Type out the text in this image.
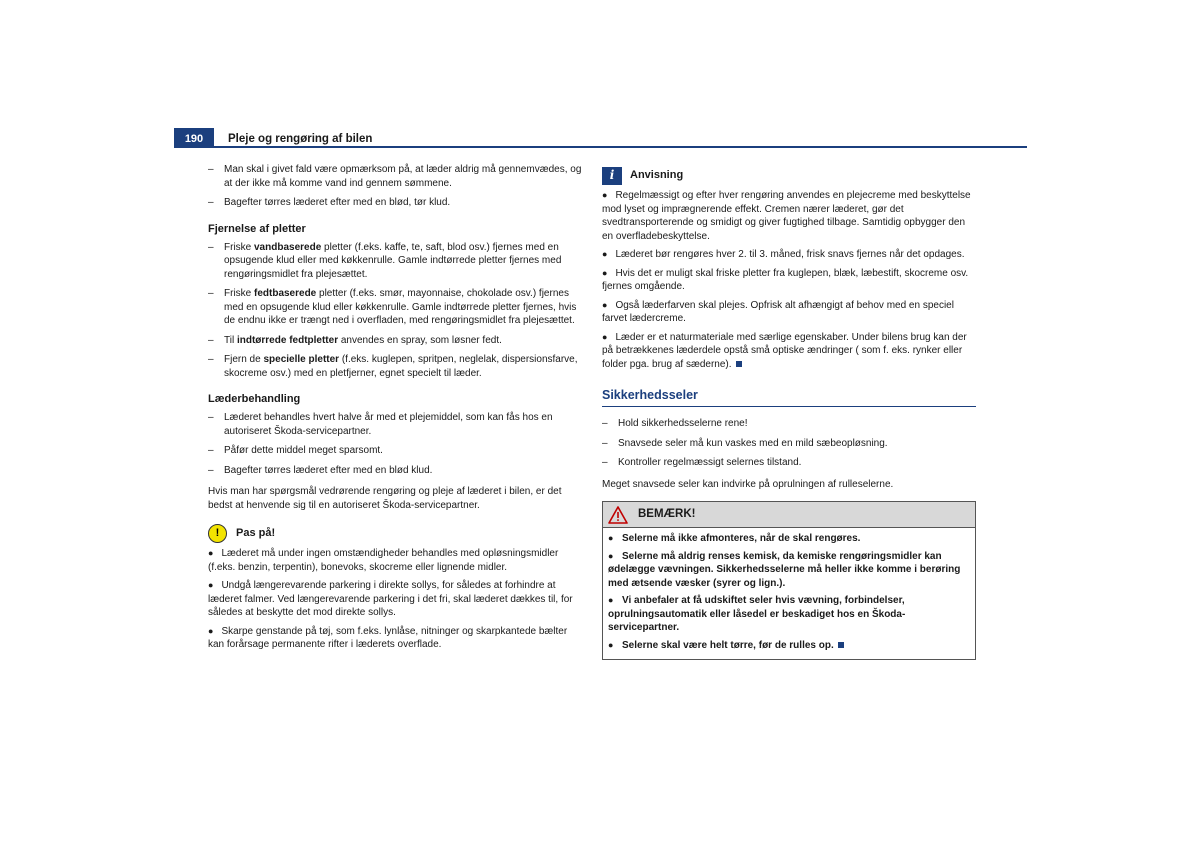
190	Pleje og rengøring af bilen
– Man skal i givet fald være opmærksom på, at læder aldrig må gennemvædes, og at der ikke må komme vand ind gennem sømmene.
– Bagefter tørres læderet efter med en blød, tør klud.
Fjernelse af pletter
– Friske vandbaserede pletter (f.eks. kaffe, te, saft, blod osv.) fjernes med en opsugende klud eller med køkkenrulle. Gamle indtørrede pletter fjernes med rengøringsmidlet fra plejesættet.
– Friske fedtbaserede pletter (f.eks. smør, mayonnaise, chokolade osv.) fjernes med en opsugende klud eller køkkenrulle. Gamle indtørrede pletter fjernes, hvis de endnu ikke er trængt ned i overfladen, med rengøringsmidlet fra plejesættet.
– Til indtørrede fedtpletter anvendes en spray, som løsner fedt.
– Fjern de specielle pletter (f.eks. kuglepen, spritpen, neglelak, dispersionsfarve, skocreme osv.) med en pletfjerner, egnet specielt til læder.
Læderbehandling
– Læderet behandles hvert halve år med et plejemiddel, som kan fås hos en autoriseret Škoda-servicepartner.
– Påfør dette middel meget sparsomt.
– Bagefter tørres læderet efter med en blød klud.

Hvis man har spørgsmål vedrørende rengøring og pleje af læderet i bilen, er det bedst at henvende sig til en autoriseret Škoda-servicepartner.

!	Pas på!
● Læderet må under ingen omstændigheder behandles med opløsningsmidler (f.eks. benzin, terpentin), bonevoks, skocreme eller lignende midler.
● Undgå længerevarende parkering i direkte sollys, for således at forhindre at læderet falmer. Ved længerevarende parkering i det fri, skal læderet dækkes til, for således at beskytte det mod direkte sollys.
● Skarpe genstande på tøj, som f.eks. lynlåse, nitninger og skarpkantede bælter kan forårsage permanente rifter i læderets overflade.
i	Anvisning
● Regelmæssigt og efter hver rengøring anvendes en plejecreme med beskyttelse mod lyset og imprægnerende effekt. Cremen nærer læderet, gør det svedtransporterende og smidigt og giver fugtighed tilbage. Samtidig opbygger den en overfladebeskyttelse.
● Læderet bør rengøres hver 2. til 3. måned, frisk snavs fjernes når det opdages.
● Hvis det er muligt skal friske pletter fra kuglepen, blæk, læbestift, skocreme osv. fjernes omgående.
● Også læderfarven skal plejes. Opfrisk alt afhængigt af behov med en speciel farvet lædercreme.
● Læder er et naturmateriale med særlige egenskaber. Under bilens brug kan der på betrækkenes læderdele opstå små optiske ændringer ( som f. eks. rynker eller folder pga. brug af sæderne).
Sikkerhedsseler
– Hold sikkerhedsselerne rene!
– Snavsede seler må kun vaskes med en mild sæbeopløsning.
– Kontroller regelmæssigt selernes tilstand.

Meget snavsede seler kan indvirke på oprulningen af rulleselerne.

BEMÆRK!
● Selerne må ikke afmonteres, når de skal rengøres.
● Selerne må aldrig renses kemisk, da kemiske rengøringsmidler kan ødelægge vævningen. Sikkerhedsselerne må heller ikke komme i berøring med ætsende væsker (syrer og lign.).
● Vi anbefaler at få udskiftet seler hvis vævning, forbindelser, oprulningsautomatik eller låsedel er beskadiget hos en Škoda-servicepartner.
● Selerne skal være helt tørre, før de rulles op.
